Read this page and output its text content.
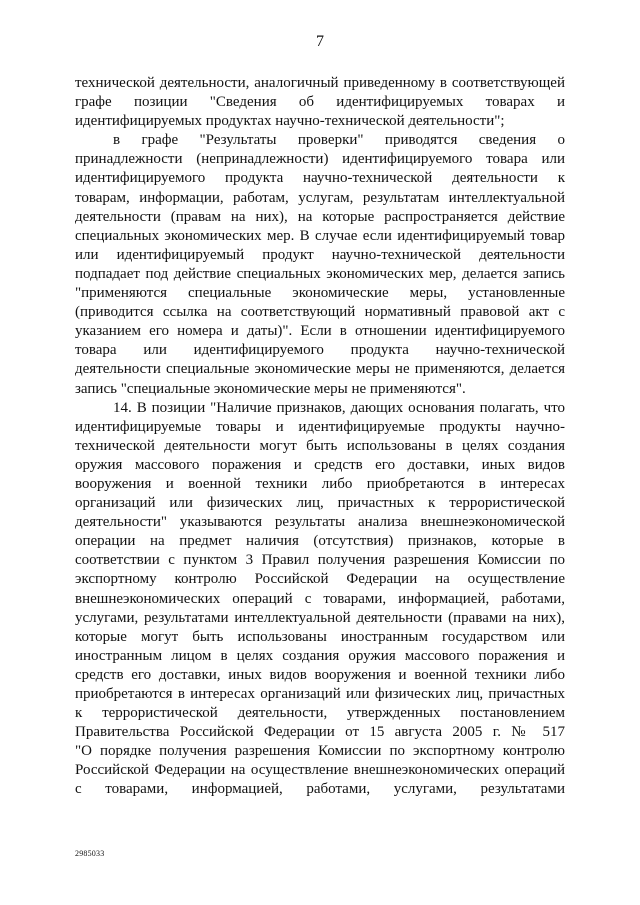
7
технической деятельности, аналогичный приведенному в соответствующей
графе позиции "Сведения об идентифицируемых товарах и
идентифицируемых продуктах научно-технической деятельности";
в графе "Результаты проверки" приводятся сведения о
принадлежности (непринадлежности) идентифицируемого товара или
идентифицируемого продукта научно-технической деятельности к
товарам, информации, работам, услугам, результатам интеллектуальной
деятельности (правам на них), на которые распространяется действие
специальных экономических мер. В случае если идентифицируемый товар
или идентифицируемый продукт научно-технической деятельности
подпадает под действие специальных экономических мер, делается запись
"применяются специальные экономические меры, установленные
(приводится ссылка на соответствующий нормативный правовой акт с
указанием его номера и даты)". Если в отношении идентифицируемого
товара или идентифицируемого продукта научно-технической
деятельности специальные экономические меры не применяются, делается
запись "специальные экономические меры не применяются".
14. В позиции "Наличие признаков, дающих основания полагать, что
идентифицируемые товары и идентифицируемые продукты научно-
технической деятельности могут быть использованы в целях создания
оружия массового поражения и средств его доставки, иных видов
вооружения и военной техники либо приобретаются в интересах
организаций или физических лиц, причастных к террористической
деятельности" указываются результаты анализа внешнеэкономической
операции на предмет наличия (отсутствия) признаков, которые в
соответствии с пунктом 3 Правил получения разрешения Комиссии по
экспортному контролю Российской Федерации на осуществление
внешнеэкономических операций с товарами, информацией, работами,
услугами, результатами интеллектуальной деятельности (правами на них),
которые могут быть использованы иностранным государством или
иностранным лицом в целях создания оружия массового поражения и
средств его доставки, иных видов вооружения и военной техники либо
приобретаются в интересах организаций или физических лиц, причастных
к террористической деятельности, утвержденных постановлением
Правительства Российской Федерации от 15 августа 2005 г. № 517
"О порядке получения разрешения Комиссии по экспортному контролю
Российской Федерации на осуществление внешнеэкономических операций
с товарами, информацией, работами, услугами, результатами
2985033
